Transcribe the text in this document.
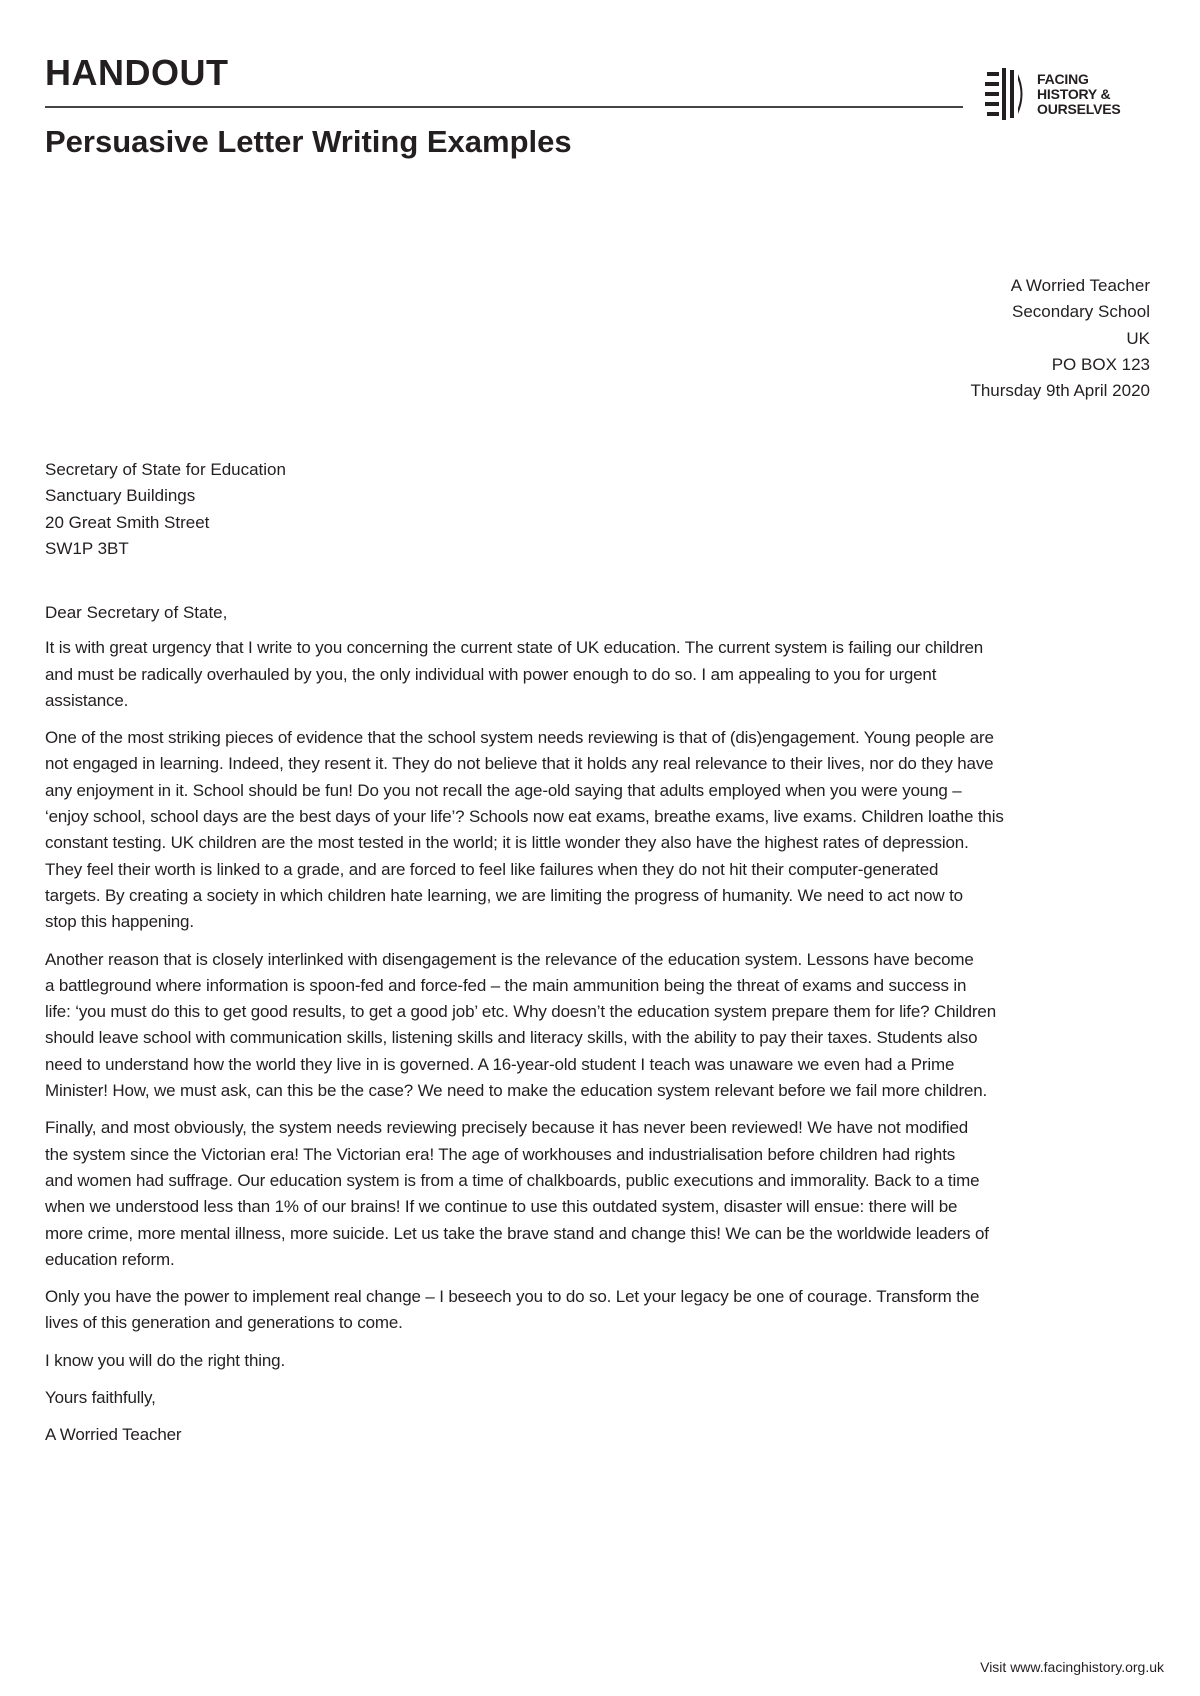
HANDOUT
Persuasive Letter Writing Examples
FACING
HISTORY &
OURSELVES
A Worried Teacher
Secondary School
UK
PO BOX 123
Thursday 9th April 2020
Secretary of State for Education
Sanctuary Buildings
20 Great Smith Street
SW1P 3BT

Dear Secretary of State,

It is with great urgency that I write to you concerning the current state of UK education. The current system is failing our children
and must be radically overhauled by you, the only individual with power enough to do so. I am appealing to you for urgent
assistance.

One of the most striking pieces of evidence that the school system needs reviewing is that of (dis)engagement. Young people are
not engaged in learning. Indeed, they resent it. They do not believe that it holds any real relevance to their lives, nor do they have
any enjoyment in it. School should be fun! Do you not recall the age-old saying that adults employed when you were young –
‘enjoy school, school days are the best days of your life’? Schools now eat exams, breathe exams, live exams. Children loathe this
constant testing. UK children are the most tested in the world; it is little wonder they also have the highest rates of depression.
They feel their worth is linked to a grade, and are forced to feel like failures when they do not hit their computer-generated
targets. By creating a society in which children hate learning, we are limiting the progress of humanity. We need to act now to
stop this happening.

Another reason that is closely interlinked with disengagement is the relevance of the education system. Lessons have become
a battleground where information is spoon-fed and force-fed – the main ammunition being the threat of exams and success in
life: ‘you must do this to get good results, to get a good job’ etc. Why doesn’t the education system prepare them for life? Children
should leave school with communication skills, listening skills and literacy skills, with the ability to pay their taxes. Students also
need to understand how the world they live in is governed. A 16-year-old student I teach was unaware we even had a Prime
Minister! How, we must ask, can this be the case? We need to make the education system relevant before we fail more children.

Finally, and most obviously, the system needs reviewing precisely because it has never been reviewed! We have not modified
the system since the Victorian era! The Victorian era! The age of workhouses and industrialisation before children had rights
and women had suffrage. Our education system is from a time of chalkboards, public executions and immorality. Back to a time
when we understood less than 1% of our brains! If we continue to use this outdated system, disaster will ensue: there will be
more crime, more mental illness, more suicide. Let us take the brave stand and change this! We can be the worldwide leaders of
education reform.

Only you have the power to implement real change – I beseech you to do so. Let your legacy be one of courage. Transform the
lives of this generation and generations to come.

I know you will do the right thing.

Yours faithfully,

A Worried Teacher

Visit www.facinghistory.org.uk
